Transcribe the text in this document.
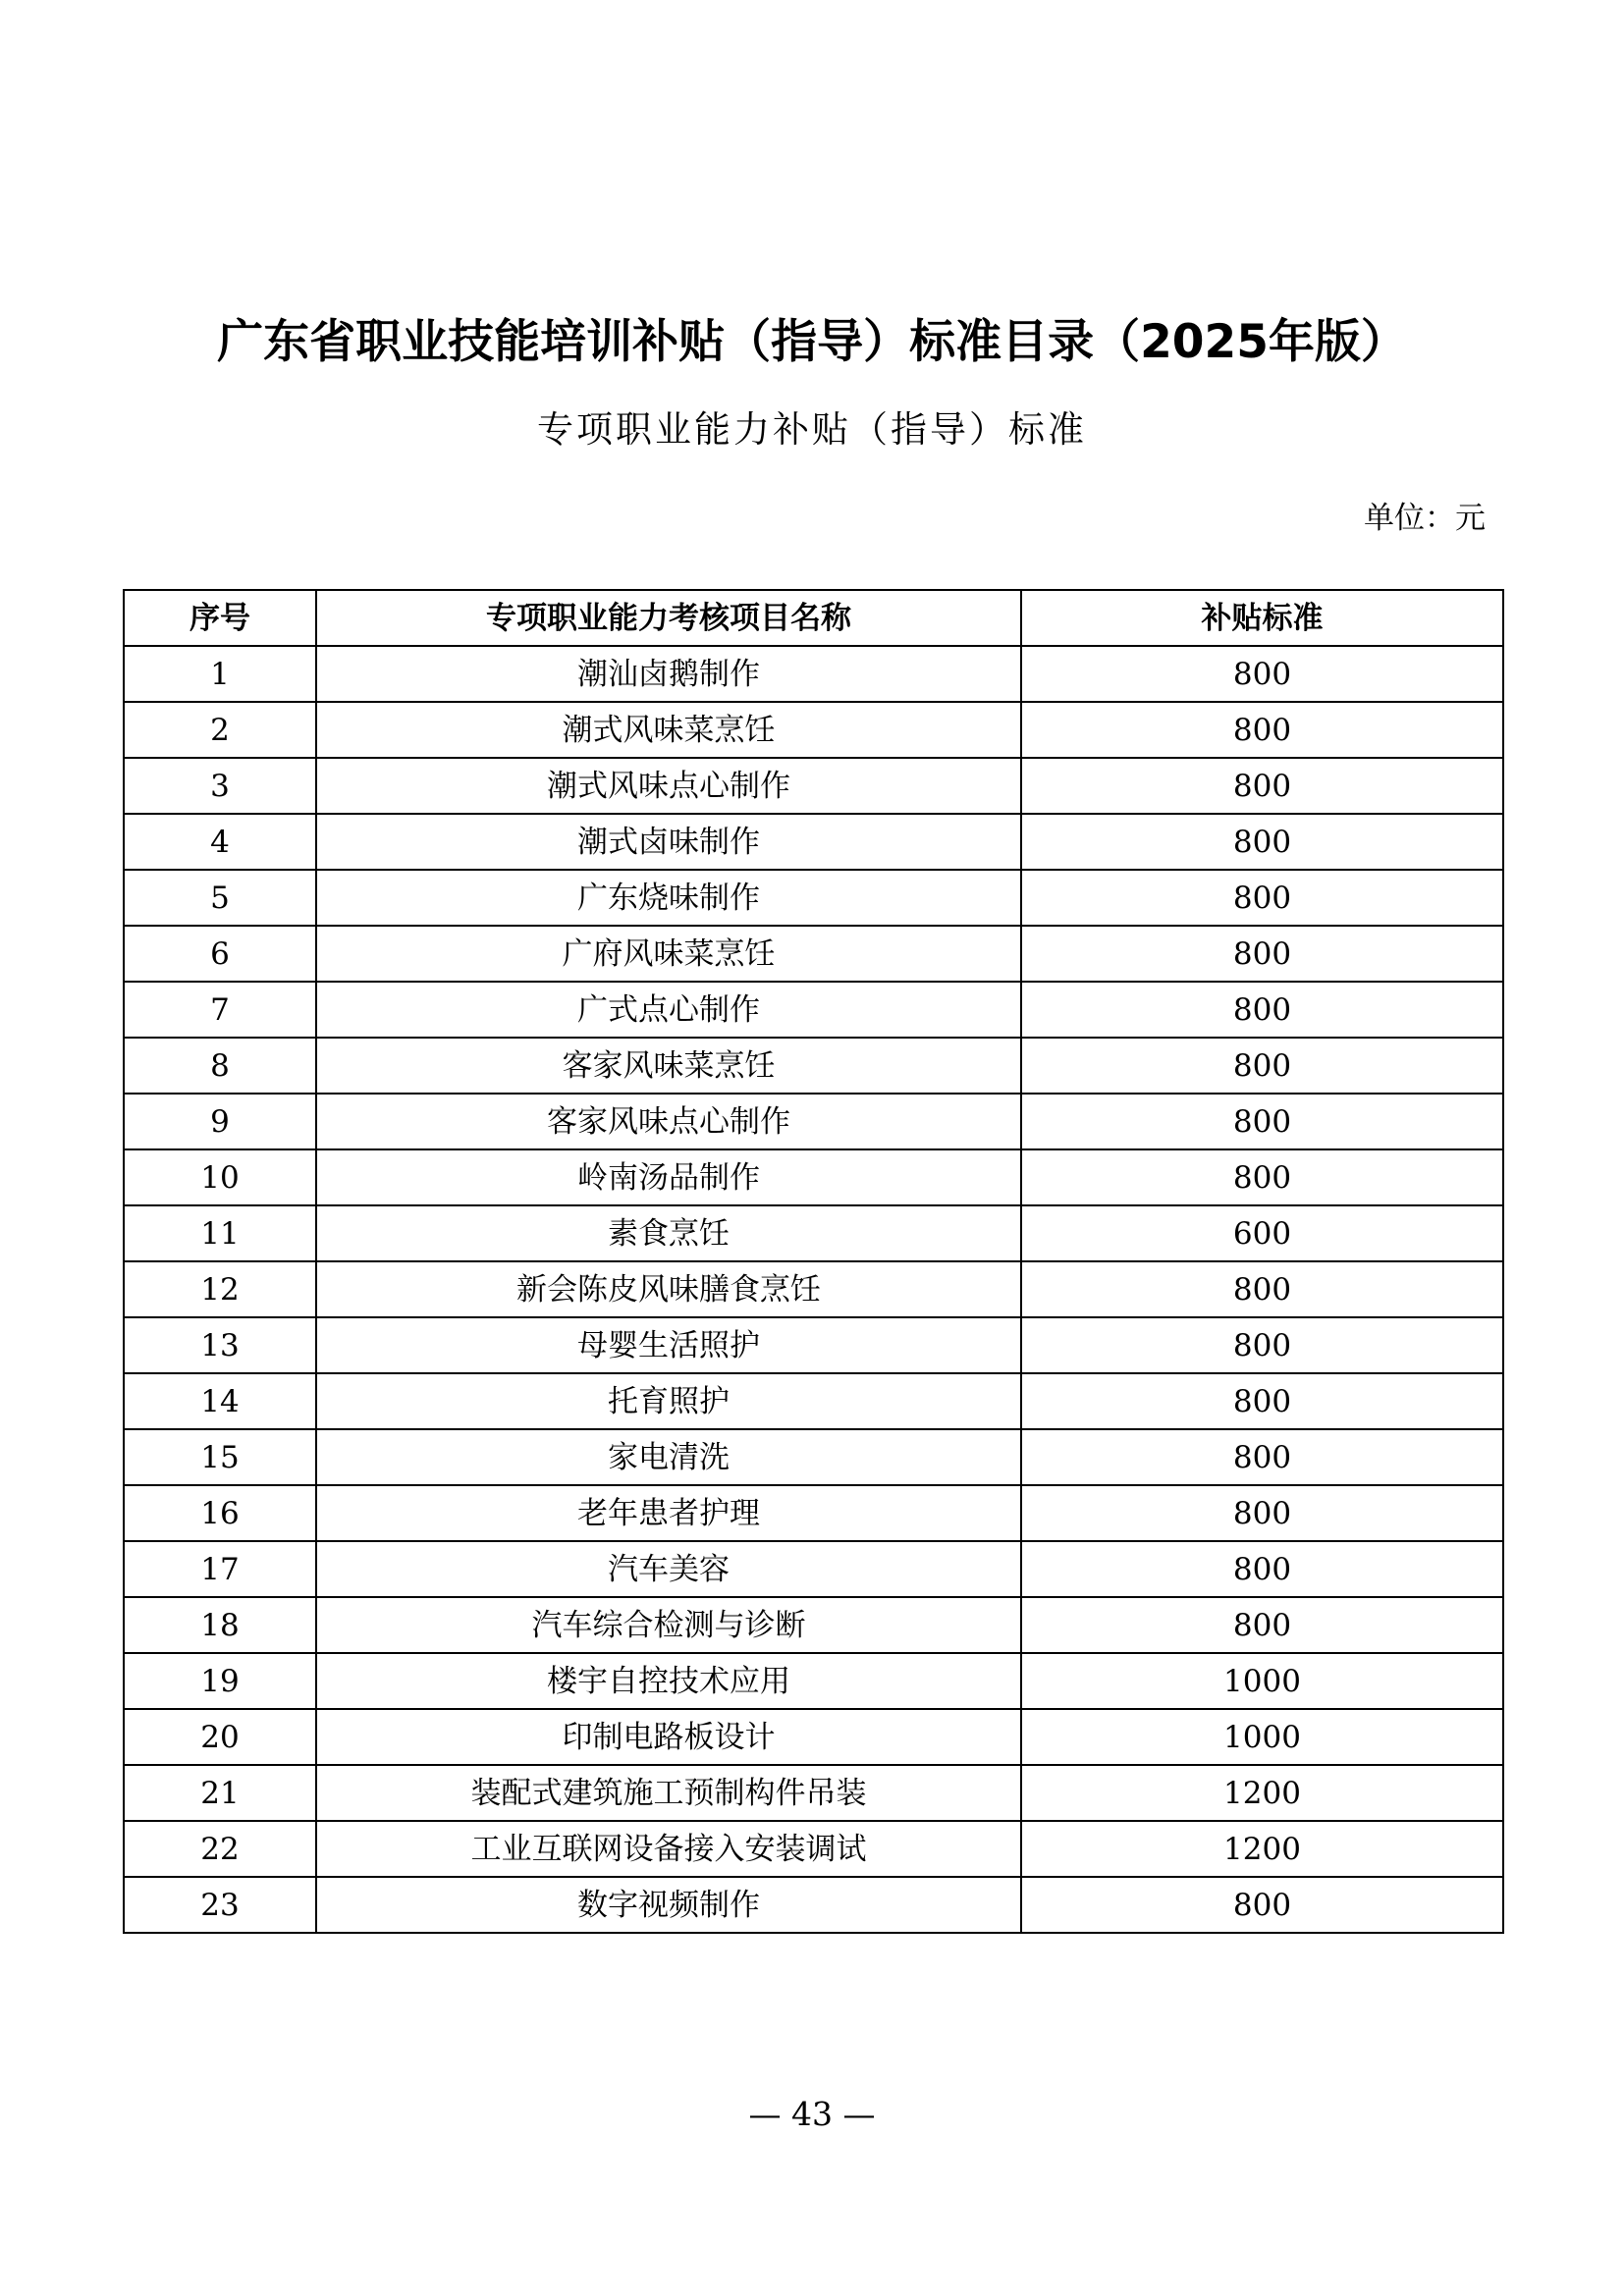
广东省职业技能培训补贴（指导）标准目录（2025年版）
专项职业能力补贴（指导）标准
单位：元
序号	专项职业能力考核项目名称	补贴标准
1	潮汕卤鹅制作	800
2	潮式风味菜烹饪	800
3	潮式风味点心制作	800
4	潮式卤味制作	800
5	广东烧味制作	800
6	广府风味菜烹饪	800
7	广式点心制作	800
8	客家风味菜烹饪	800
9	客家风味点心制作	800
10	岭南汤品制作	800
11	素食烹饪	600
12	新会陈皮风味膳食烹饪	800
13	母婴生活照护	800
14	托育照护	800
15	家电清洗	800
16	老年患者护理	800
17	汽车美容	800
18	汽车综合检测与诊断	800
19	楼宇自控技术应用	1000
20	印制电路板设计	1000
21	装配式建筑施工预制构件吊装	1200
22	工业互联网设备接入安装调试	1200
23	数字视频制作	800
— 43 —
